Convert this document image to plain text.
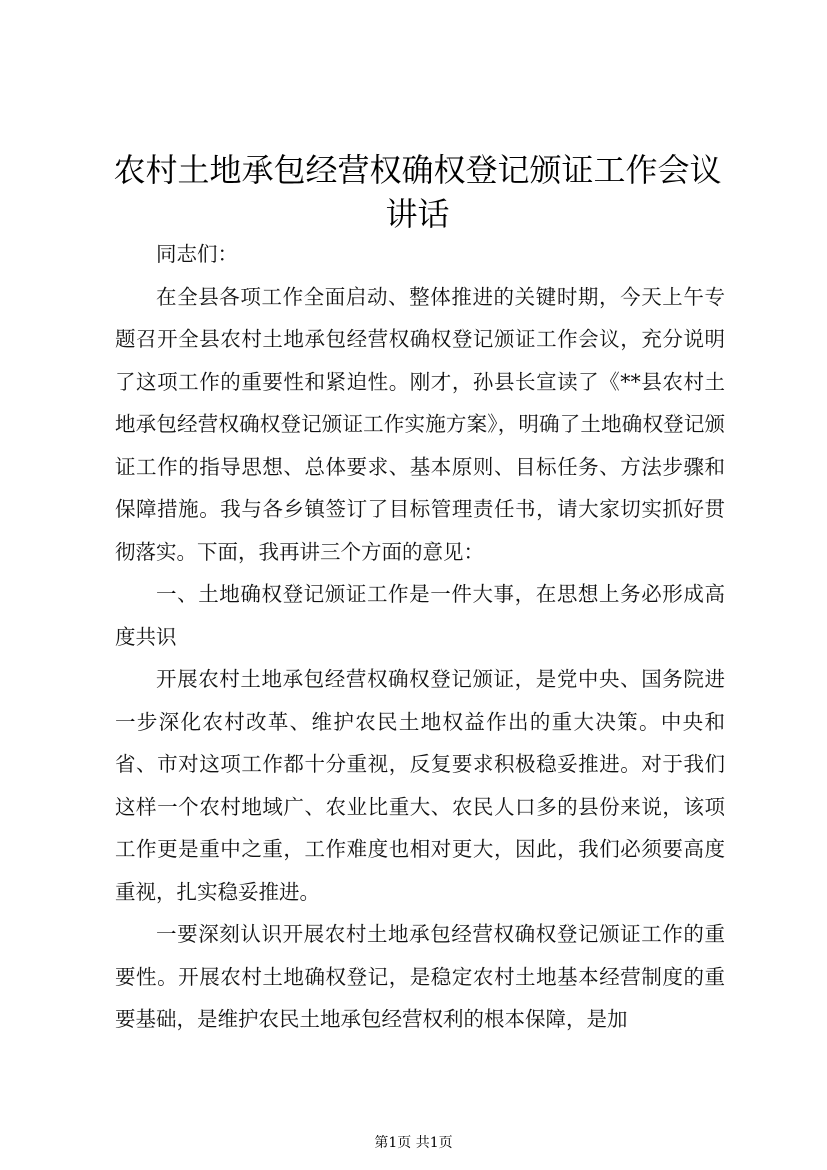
农村土地承包经营权确权登记颁证工作会议讲话

同志们：

在全县各项工作全面启动、整体推进的关键时期，今天上午专题召开全县农村土地承包经营权确权登记颁证工作会议，充分说明了这项工作的重要性和紧迫性。刚才，孙县长宣读了《**县农村土地承包经营权确权登记颁证工作实施方案》，明确了土地确权登记颁证工作的指导思想、总体要求、基本原则、目标任务、方法步骤和保障措施。我与各乡镇签订了目标管理责任书，请大家切实抓好贯彻落实。下面，我再讲三个方面的意见：

一、土地确权登记颁证工作是一件大事，在思想上务必形成高度共识

开展农村土地承包经营权确权登记颁证，是党中央、国务院进一步深化农村改革、维护农民土地权益作出的重大决策。中央和省、市对这项工作都十分重视，反复要求积极稳妥推进。对于我们这样一个农村地域广、农业比重大、农民人口多的县份来说，该项工作更是重中之重，工作难度也相对更大，因此，我们必须要高度重视，扎实稳妥推进。

一要深刻认识开展农村土地承包经营权确权登记颁证工作的重要性。开展农村土地确权登记，是稳定农村土地基本经营制度的重要基础，是维护农民土地承包经营权利的根本保障，是加

第1页 共1页
